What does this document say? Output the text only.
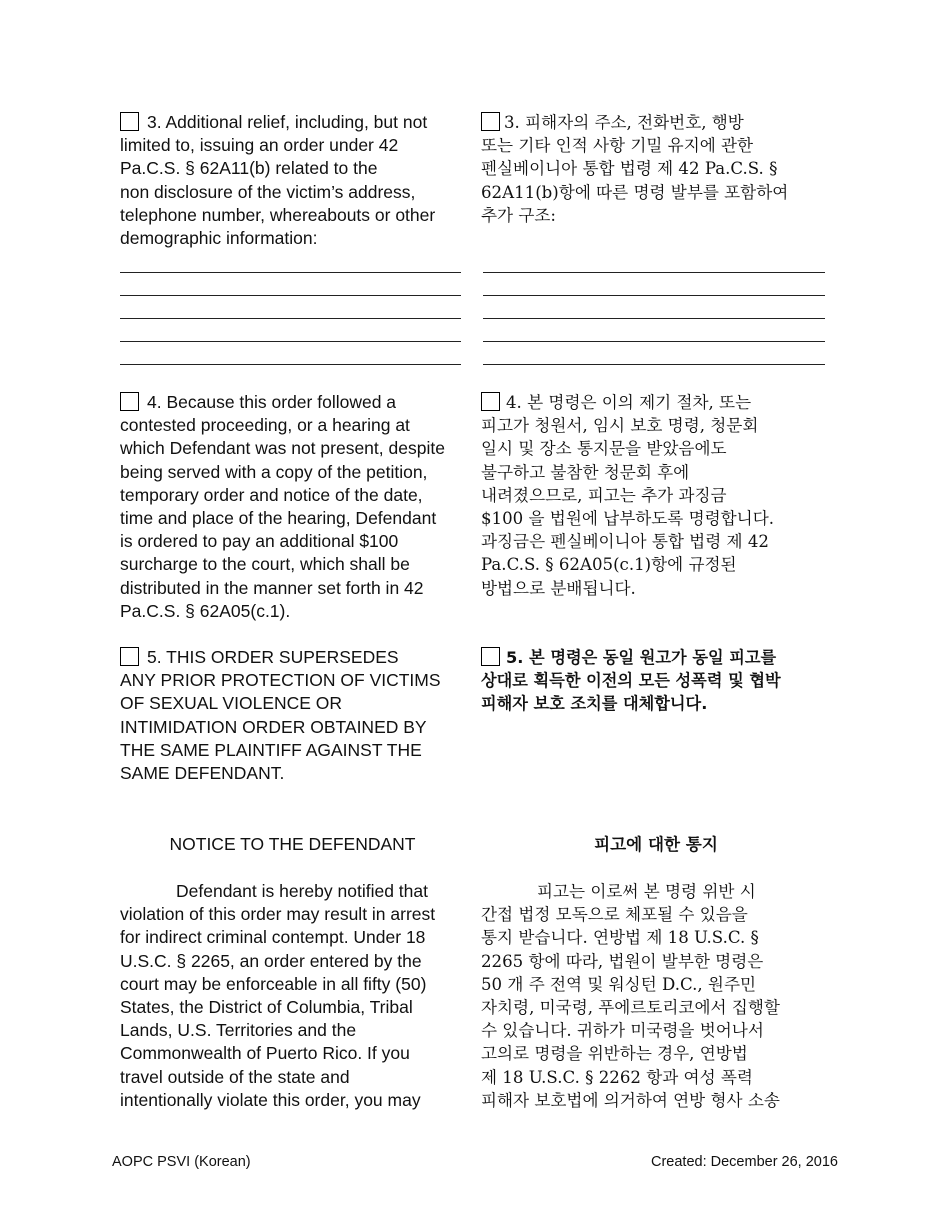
3. Additional relief, including, but not
limited to, issuing an order under 42
Pa.C.S. § 62A11(b) related to the
non disclosure of the victim’s address,
telephone number, whereabouts or other
demographic information:
3. 피해자의 주소, 전화번호, 행방
또는 기타 인적 사항 기밀 유지에 관한
펜실베이니아 통합 법령 제 42 Pa.C.S. §
62A11(b)항에 따른 명령 발부를 포함하여
추가 구조:
4. Because this order followed a
contested proceeding, or a hearing at
which Defendant was not present, despite
being served with a copy of the petition,
temporary order and notice of the date,
time and place of the hearing, Defendant
is ordered to pay an additional $100
surcharge to the court, which shall be
distributed in the manner set forth in 42
Pa.C.S. § 62A05(c.1).
4. 본 명령은 이의 제기 절차, 또는
피고가 청원서, 임시 보호 명령, 청문회
일시 및 장소 통지문을 받았음에도
불구하고 불참한 청문회 후에
내려졌으므로, 피고는 추가 과징금
$100 을 법원에 납부하도록 명령합니다.
과징금은 펜실베이니아 통합 법령 제 42
Pa.C.S. § 62A05(c.1)항에 규정된
방법으로 분배됩니다.
5. THIS ORDER SUPERSEDES
ANY PRIOR PROTECTION OF VICTIMS
OF SEXUAL VIOLENCE OR
INTIMIDATION ORDER OBTAINED BY
THE SAME PLAINTIFF AGAINST THE
SAME DEFENDANT.
5. 본 명령은 동일 원고가 동일 피고를
상대로 획득한 이전의 모든 성폭력 및 협박
피해자 보호 조치를 대체합니다.
NOTICE TO THE DEFENDANT	피고에 대한 통지
Defendant is hereby notified that
violation of this order may result in arrest
for indirect criminal contempt. Under 18
U.S.C. § 2265, an order entered by the
court may be enforceable in all fifty (50)
States, the District of Columbia, Tribal
Lands, U.S. Territories and the
Commonwealth of Puerto Rico. If you
travel outside of the state and
intentionally violate this order, you may
피고는 이로써 본 명령 위반 시
간접 법정 모독으로 체포될 수 있음을
통지 받습니다. 연방법 제 18 U.S.C. §
2265 항에 따라, 법원이 발부한 명령은
50 개 주 전역 및 워싱턴 D.C., 원주민
자치령, 미국령, 푸에르토리코에서 집행할
수 있습니다. 귀하가 미국령을 벗어나서
고의로 명령을 위반하는 경우, 연방법
제 18 U.S.C. § 2262 항과 여성 폭력
피해자 보호법에 의거하여 연방 형사 소송
AOPC PSVI (Korean)	Created: December 26, 2016
